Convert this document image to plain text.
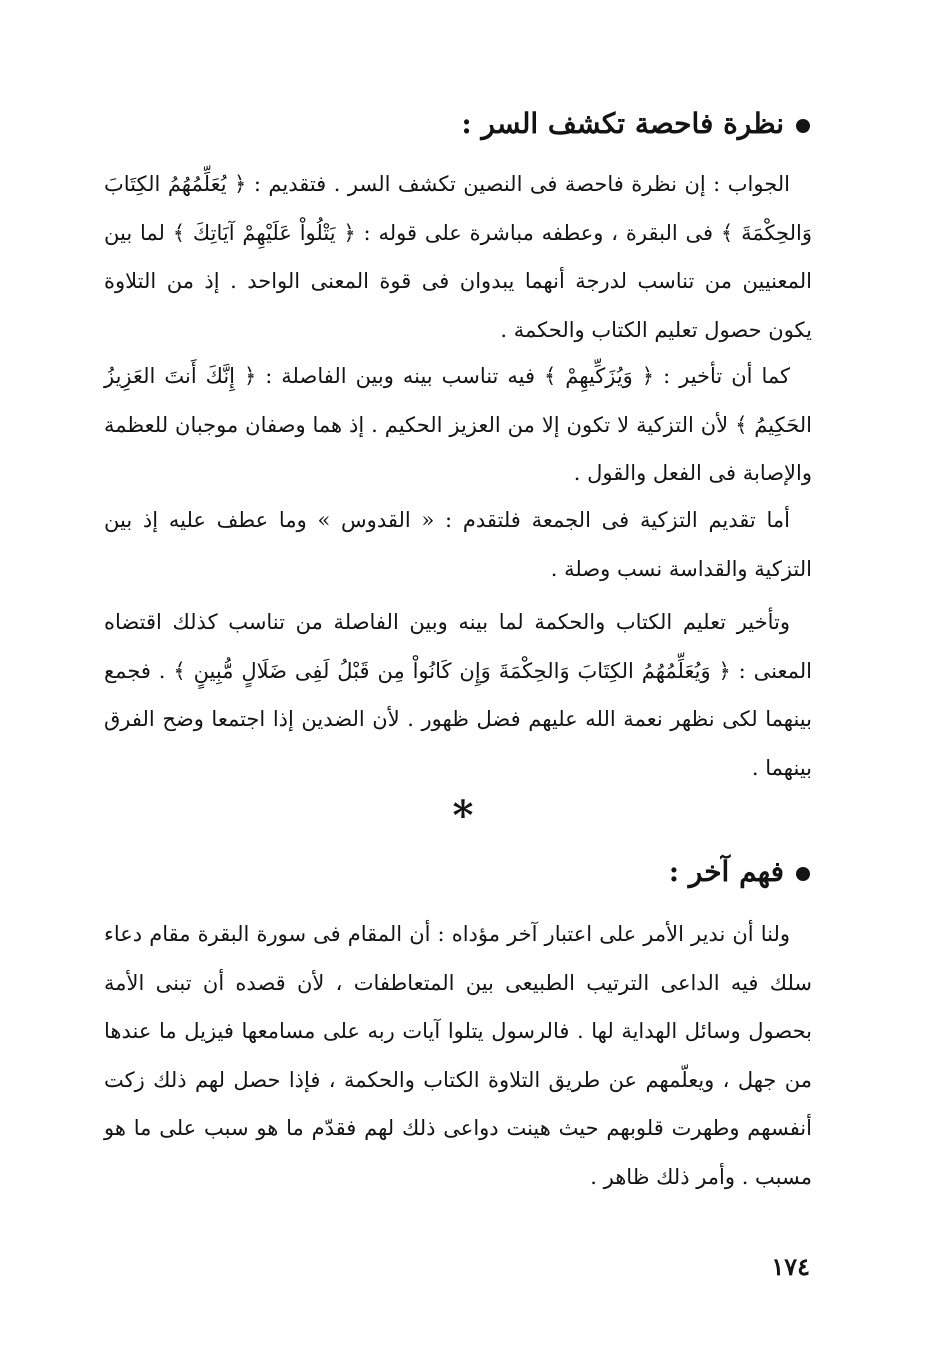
نظرة فاحصة تكشف السر :
الجواب : إن نظرة فاحصة فى النصين تكشف السر . فتقديم : ﴿ يُعَلِّمُهُمُ الكِتَابَ وَالحِكْمَةَ ﴾ فى البقرة ، وعطفه مباشرة على قوله : ﴿ يَتْلُواْ عَلَيْهِمْ آيَاتِكَ ﴾ لما بين المعنيين من تناسب لدرجة أنهما يبدوان فى قوة المعنى الواحد . إذ من التلاوة يكون حصول تعليم الكتاب والحكمة .
كما أن تأخير : ﴿ وَيُزَكِّيهِمْ ﴾ فيه تناسب بينه وبين الفاصلة : ﴿ إِنَّكَ أَنتَ العَزِيزُ الحَكِيمُ ﴾ لأن التزكية لا تكون إلا من العزيز الحكيم . إذ هما وصفان موجبان للعظمة والإصابة فى الفعل والقول .
أما تقديم التزكية فى الجمعة فلتقدم : « القدوس » وما عطف عليه إذ بين التزكية والقداسة نسب وصلة .
وتأخير تعليم الكتاب والحكمة لما بينه وبين الفاصلة من تناسب كذلك اقتضاه المعنى : ﴿ وَيُعَلِّمُهُمُ الكِتَابَ وَالحِكْمَةَ وَإِن كَانُواْ مِن قَبْلُ لَفِى ضَلَالٍ مُّبِينٍ ﴾ . فجمع بينهما لكى نظهر نعمة الله عليهم فضل ظهور . لأن الضدين إذا اجتمعا وضح الفرق بينهما .
*
فهم آخر :
ولنا أن ندير الأمر على اعتبار آخر مؤداه : أن المقام فى سورة البقرة مقام دعاء سلك فيه الداعى الترتيب الطبيعى بين المتعاطفات ، لأن قصده أن تبنى الأمة بحصول وسائل الهداية لها . فالرسول يتلوا آيات ربه على مسامعها فيزيل ما عندها من جهل ، ويعلّمهم عن طريق التلاوة الكتاب والحكمة ، فإذا حصل لهم ذلك زكت أنفسهم وطهرت قلوبهم حيث هينت دواعى ذلك لهم فقدّم ما هو سبب على ما هو مسبب . وأمر ذلك ظاهر .
١٧٤
